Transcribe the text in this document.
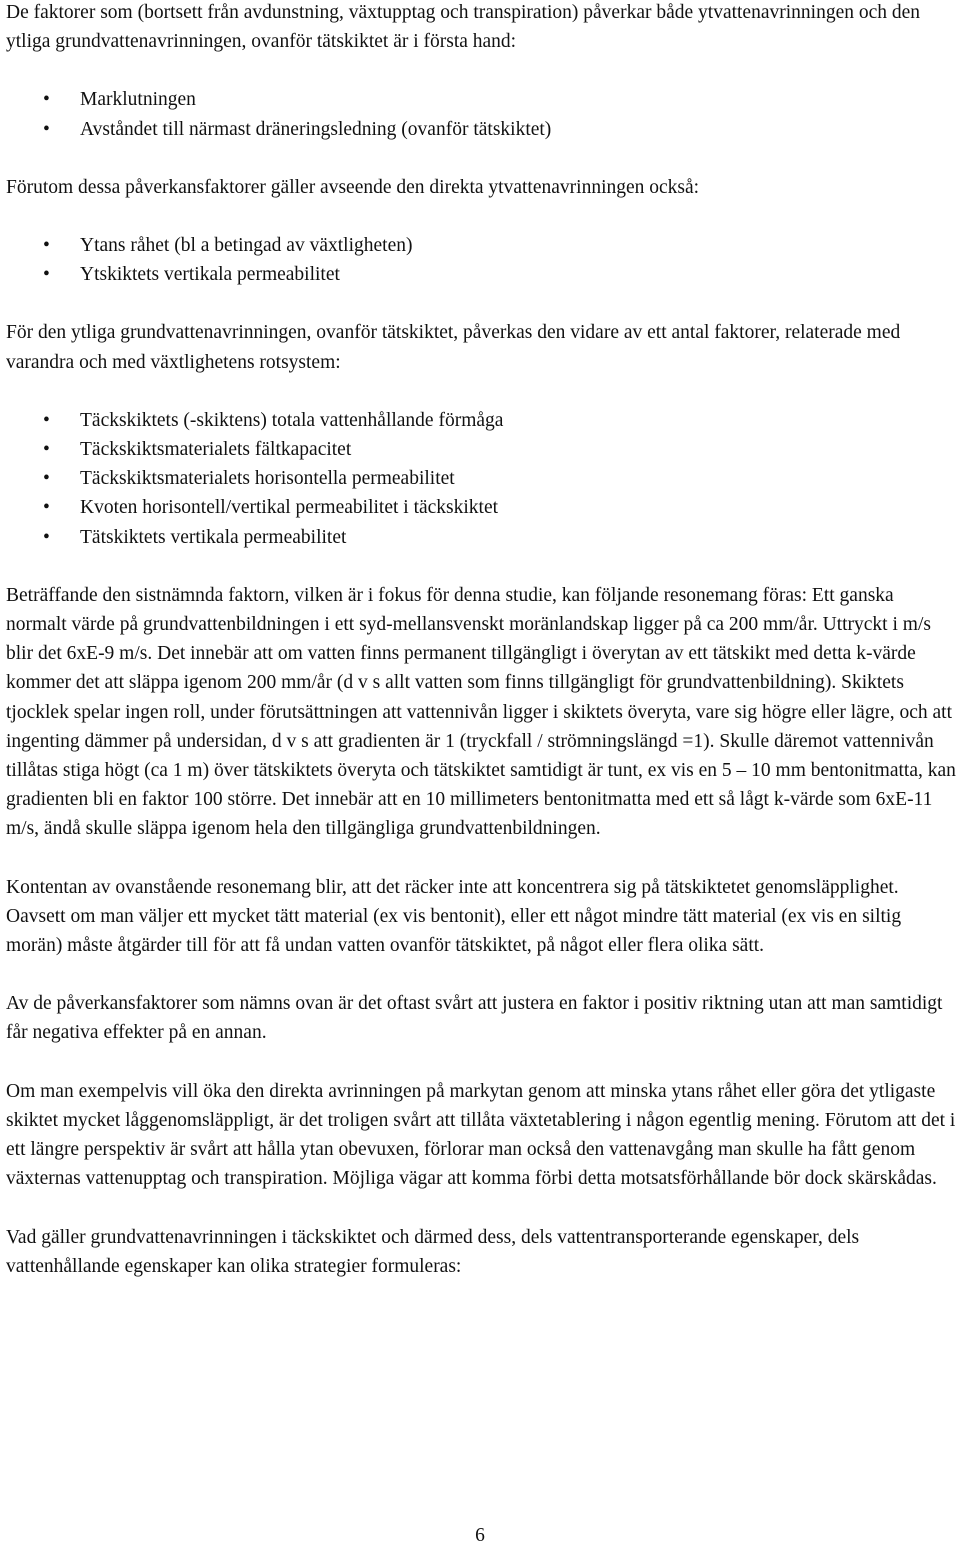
De faktorer som (bortsett från avdunstning, växtupptag och transpiration) påverkar både ytvattenavrinningen och den ytliga grundvattenavrinningen, ovanför tätskiktet är i första hand:

• Marklutningen
• Avståndet till närmast dräneringsledning (ovanför tätskiktet)

Förutom dessa påverkansfaktorer gäller avseende den direkta ytvattenavrinningen också:

• Ytans råhet (bl a betingad av växtligheten)
• Ytskiktets vertikala permeabilitet

För den ytliga grundvattenavrinningen, ovanför tätskiktet, påverkas den vidare av ett antal faktorer, relaterade med varandra och med växtlighetens rotsystem:

• Täckskiktets (-skiktens) totala vattenhållande förmåga
• Täckskiktsmaterialets fältkapacitet
• Täckskiktsmaterialets horisontella permeabilitet
• Kvoten horisontell/vertikal permeabilitet i täckskiktet
• Tätskiktets vertikala permeabilitet

Beträffande den sistnämnda faktorn, vilken är i fokus för denna studie, kan följande resonemang föras: Ett ganska normalt värde på grundvattenbildningen i ett syd-mellansvenskt moränlandskap ligger på ca 200 mm/år. Uttryckt i m/s blir det 6xE-9 m/s. Det innebär att om vatten finns permanent tillgängligt i överytan av ett tätskikt med detta k-värde kommer det att släppa igenom 200 mm/år (d v s allt vatten som finns tillgängligt för grundvattenbildning). Skiktets tjocklek spelar ingen roll, under förutsättningen att vattennivån ligger i skiktets överyta, vare sig högre eller lägre, och att ingenting dämmer på undersidan, d v s att gradienten är 1 (tryckfall / strömningslängd =1). Skulle däremot vattennivån tillåtas stiga högt (ca 1 m) över tätskiktets överyta och tätskiktet samtidigt är tunt, ex vis en 5 – 10 mm bentonitmatta, kan gradienten bli en faktor 100 större. Det innebär att en 10 millimeters bentonitmatta med ett så lågt k-värde som 6xE-11 m/s, ändå skulle släppa igenom hela den tillgängliga grundvattenbildningen.

Kontentan av ovanstående resonemang blir, att det räcker inte att koncentrera sig på tätskiktetet genomsläpplighet. Oavsett om man väljer ett mycket tätt material (ex vis bentonit), eller ett något mindre tätt material (ex vis en siltig morän) måste åtgärder till för att få undan vatten ovanför tätskiktet, på något eller flera olika sätt.

Av de påverkansfaktorer som nämns ovan är det oftast svårt att justera en faktor i positiv riktning utan att man samtidigt får negativa effekter på en annan.

Om man exempelvis vill öka den direkta avrinningen på markytan genom att minska ytans råhet eller göra det ytligaste skiktet mycket låggenomsläppligt, är det troligen svårt att tillåta växtetablering i någon egentlig mening. Förutom att det i ett längre perspektiv är svårt att hålla ytan obevuxen, förlorar man också den vattenavgång man skulle ha fått genom växternas vattenupptag och transpiration. Möjliga vägar att komma förbi detta motsatsförhållande bör dock skärskådas.

Vad gäller grundvattenavrinningen i täckskiktet och därmed dess, dels vattentransporterande egenskaper, dels vattenhållande egenskaper kan olika strategier formuleras:

6
